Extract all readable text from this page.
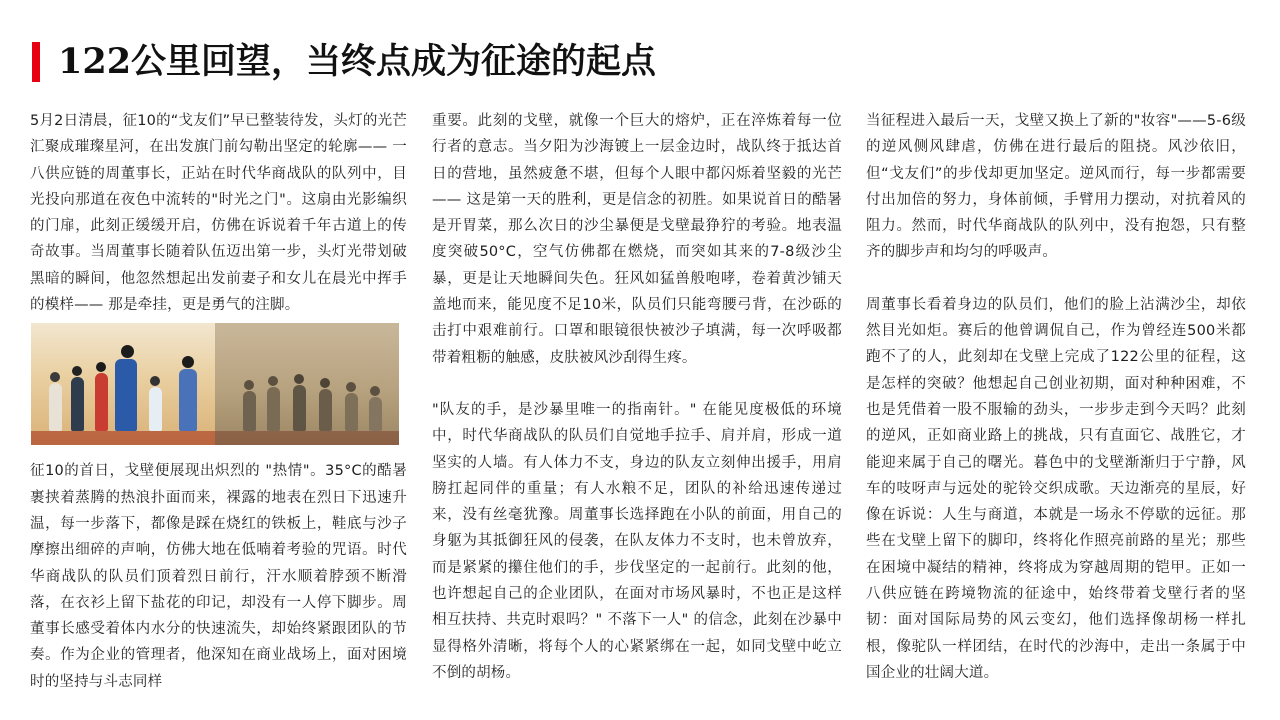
122公里回望，当终点成为征途的起点

5月2日清晨，征10的“戈友们”早已整装待发，头灯的光芒汇聚成璀璨星河，在出发旗门前勾勒出坚定的轮廓—— 一八供应链的周董事长，正站在时代华商战队的队列中，目光投向那道在夜色中流转的"时光之门"。这扇由光影编织的门扉，此刻正缓缓开启，仿佛在诉说着千年古道上的传奇故事。当周董事长随着队伍迈出第一步，头灯光带划破黑暗的瞬间，他忽然想起出发前妻子和女儿在晨光中挥手的模样—— 那是牵挂，更是勇气的注脚。

征10的首日，戈壁便展现出炽烈的 "热情"。35°C的酷暑裹挟着蒸腾的热浪扑面而来，裸露的地表在烈日下迅速升温，每一步落下，都像是踩在烧红的铁板上，鞋底与沙子摩擦出细碎的声响，仿佛大地在低喃着考验的咒语。时代华商战队的队员们顶着烈日前行，汗水顺着脖颈不断滑落，在衣衫上留下盐花的印记，却没有一人停下脚步。周董事长感受着体内水分的快速流失，却始终紧跟团队的节奏。作为企业的管理者，他深知在商业战场上，面对困境时的坚持与斗志同样

重要。此刻的戈壁，就像一个巨大的熔炉，正在淬炼着每一位行者的意志。当夕阳为沙海镀上一层金边时，战队终于抵达首日的营地，虽然疲惫不堪，但每个人眼中都闪烁着坚毅的光芒—— 这是第一天的胜利，更是信念的初胜。如果说首日的酷暑是开胃菜，那么次日的沙尘暴便是戈壁最狰狞的考验。地表温度突破50°C，空气仿佛都在燃烧，而突如其来的7-8级沙尘暴，更是让天地瞬间失色。狂风如猛兽般咆哮，卷着黄沙铺天盖地而来，能见度不足10米，队员们只能弯腰弓背，在沙砾的击打中艰难前行。口罩和眼镜很快被沙子填满，每一次呼吸都带着粗粝的触感，皮肤被风沙刮得生疼。

"队友的手，是沙暴里唯一的指南针。" 在能见度极低的环境中，时代华商战队的队员们自觉地手拉手、肩并肩，形成一道坚实的人墙。有人体力不支，身边的队友立刻伸出援手，用肩膀扛起同伴的重量；有人水粮不足，团队的补给迅速传递过来，没有丝毫犹豫。周董事长选择跑在小队的前面，用自己的身躯为其抵御狂风的侵袭，在队友体力不支时，也未曾放弃，而是紧紧的攥住他们的手，步伐坚定的一起前行。此刻的他，也许想起自己的企业团队，在面对市场风暴时，不也正是这样相互扶持、共克时艰吗？" 不落下一人" 的信念，此刻在沙暴中显得格外清晰，将每个人的心紧紧绑在一起，如同戈壁中屹立不倒的胡杨。

当征程进入最后一天，戈壁又换上了新的"妆容"——5-6级的逆风侧风肆虐，仿佛在进行最后的阻挠。风沙依旧，但“戈友们”的步伐却更加坚定。逆风而行，每一步都需要付出加倍的努力，身体前倾，手臂用力摆动，对抗着风的阻力。然而，时代华商战队的队列中，没有抱怨，只有整齐的脚步声和均匀的呼吸声。

周董事长看着身边的队员们，他们的脸上沾满沙尘，却依然目光如炬。赛后的他曾调侃自己，作为曾经连500米都跑不了的人，此刻却在戈壁上完成了122公里的征程，这是怎样的突破？他想起自己创业初期，面对种种困难，不也是凭借着一股不服输的劲头，一步步走到今天吗？此刻的逆风，正如商业路上的挑战，只有直面它、战胜它，才能迎来属于自己的曙光。暮色中的戈壁渐渐归于宁静，风车的吱呀声与远处的驼铃交织成歌。天边渐亮的星辰，好像在诉说：人生与商道，本就是一场永不停歇的远征。那些在戈壁上留下的脚印，终将化作照亮前路的星光；那些在困境中凝结的精神，终将成为穿越周期的铠甲。正如一八供应链在跨境物流的征途中，始终带着戈壁行者的坚韧：面对国际局势的风云变幻，他们选择像胡杨一样扎根，像驼队一样团结，在时代的沙海中，走出一条属于中国企业的壮阔大道。
